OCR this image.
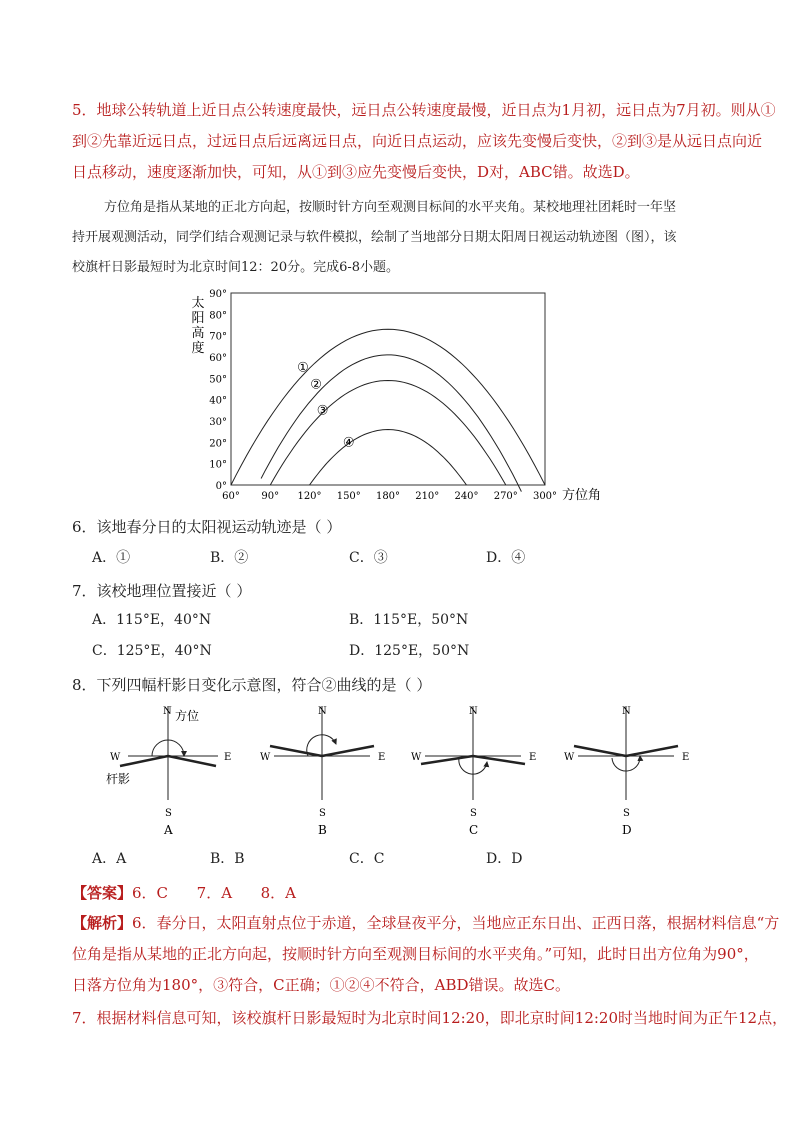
5．地球公转轨道上近日点公转速度最快，远日点公转速度最慢，近日点为1月初，远日点为7月初。则从①
到②先靠近远日点，过远日点后远离远日点，向近日点运动，应该先变慢后变快，②到③是从远日点向近
日点移动，速度逐渐加快，可知，从①到③应先变慢后变快，D对，ABC错。故选D。
方位角是指从某地的正北方向起，按顺时针方向至观测目标间的水平夹角。某校地理社团耗时一年坚
持开展观测活动，同学们结合观测记录与软件模拟，绘制了当地部分日期太阳周日视运动轨迹图（图），该
校旗杆日影最短时为北京时间12：20分。完成6-8小题。
太
阳
高
度
方位角
60° 90° 120° 150° 180° 210° 240° 270° 300°
0°
10°
20°
30°
40°
50°
60°
70°
80°
90°
①
②
③
④
6．该地春分日的太阳视运动轨迹是（ ）
A．①	B．②	C．③	D．④
7．该校地理位置接近（ ）
A．115°E，40°N	B．115°E，50°N
C．125°E，40°N	D．125°E，50°N
8．下列四幅杆影日变化示意图，符合②曲线的是（ ）
N 方位
W	E
S
杆影
A
N
W	E
S
B
N
W	E
S
C
N
W	E
S
D
A．A	B．B	C．C	D．D
【答案】6．C      7．A      8．A
【解析】6．春分日，太阳直射点位于赤道，全球昼夜平分，当地应正东日出、正西日落，根据材料信息“方
位角是指从某地的正北方向起，按顺时针方向至观测目标间的水平夹角。”可知，此时日出方位角为90°，
日落方位角为180°，③符合，C正确；①②④不符合，ABD错误。故选C。
7．根据材料信息可知，该校旗杆日影最短时为北京时间12:20，即北京时间12:20时当地时间为正午12点，
